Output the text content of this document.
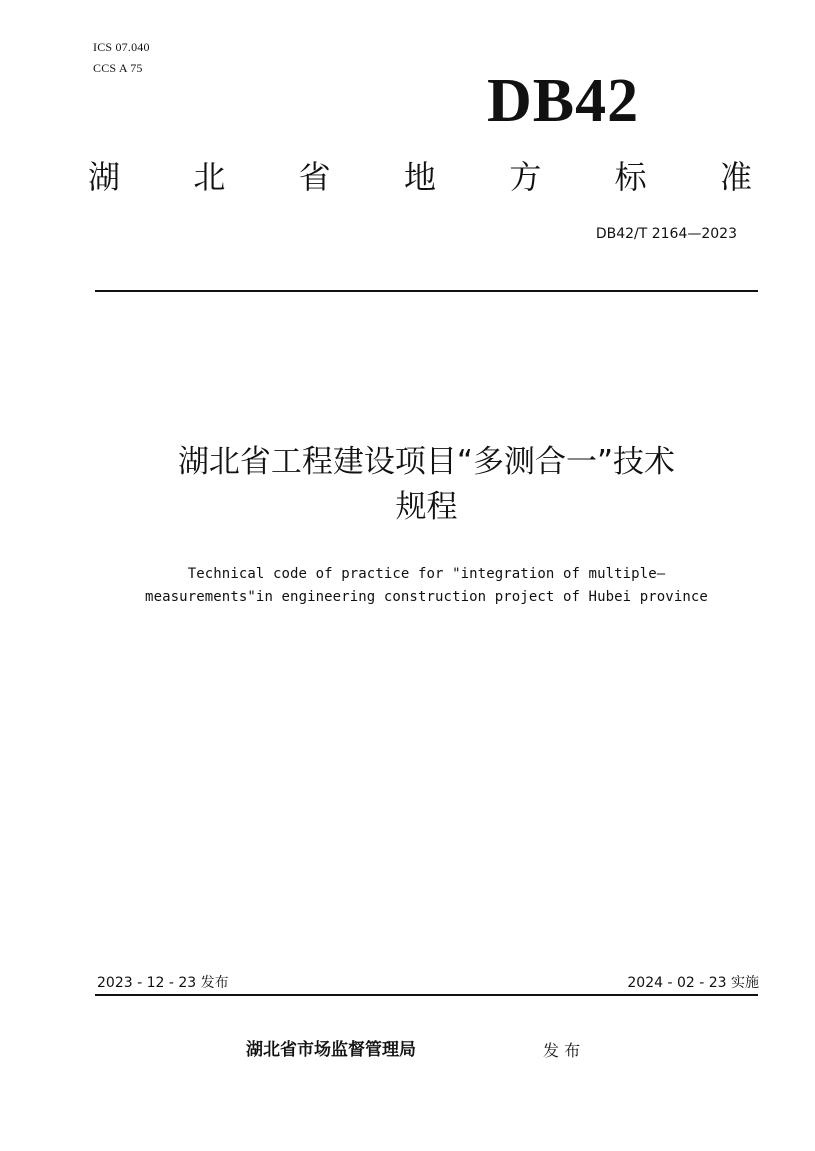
ICS 07.040
CCS A 75	DB42
湖 北 省 地 方 标 准
DB42/T 2164—2023
湖北省工程建设项目“多测合一”技术
规程
Technical code of practice for "integration of multiple—
measurements"in engineering construction project of Hubei province
2023 - 12 - 23 发布	2024 - 02 - 23 实施
湖北省市场监督管理局	发 布
